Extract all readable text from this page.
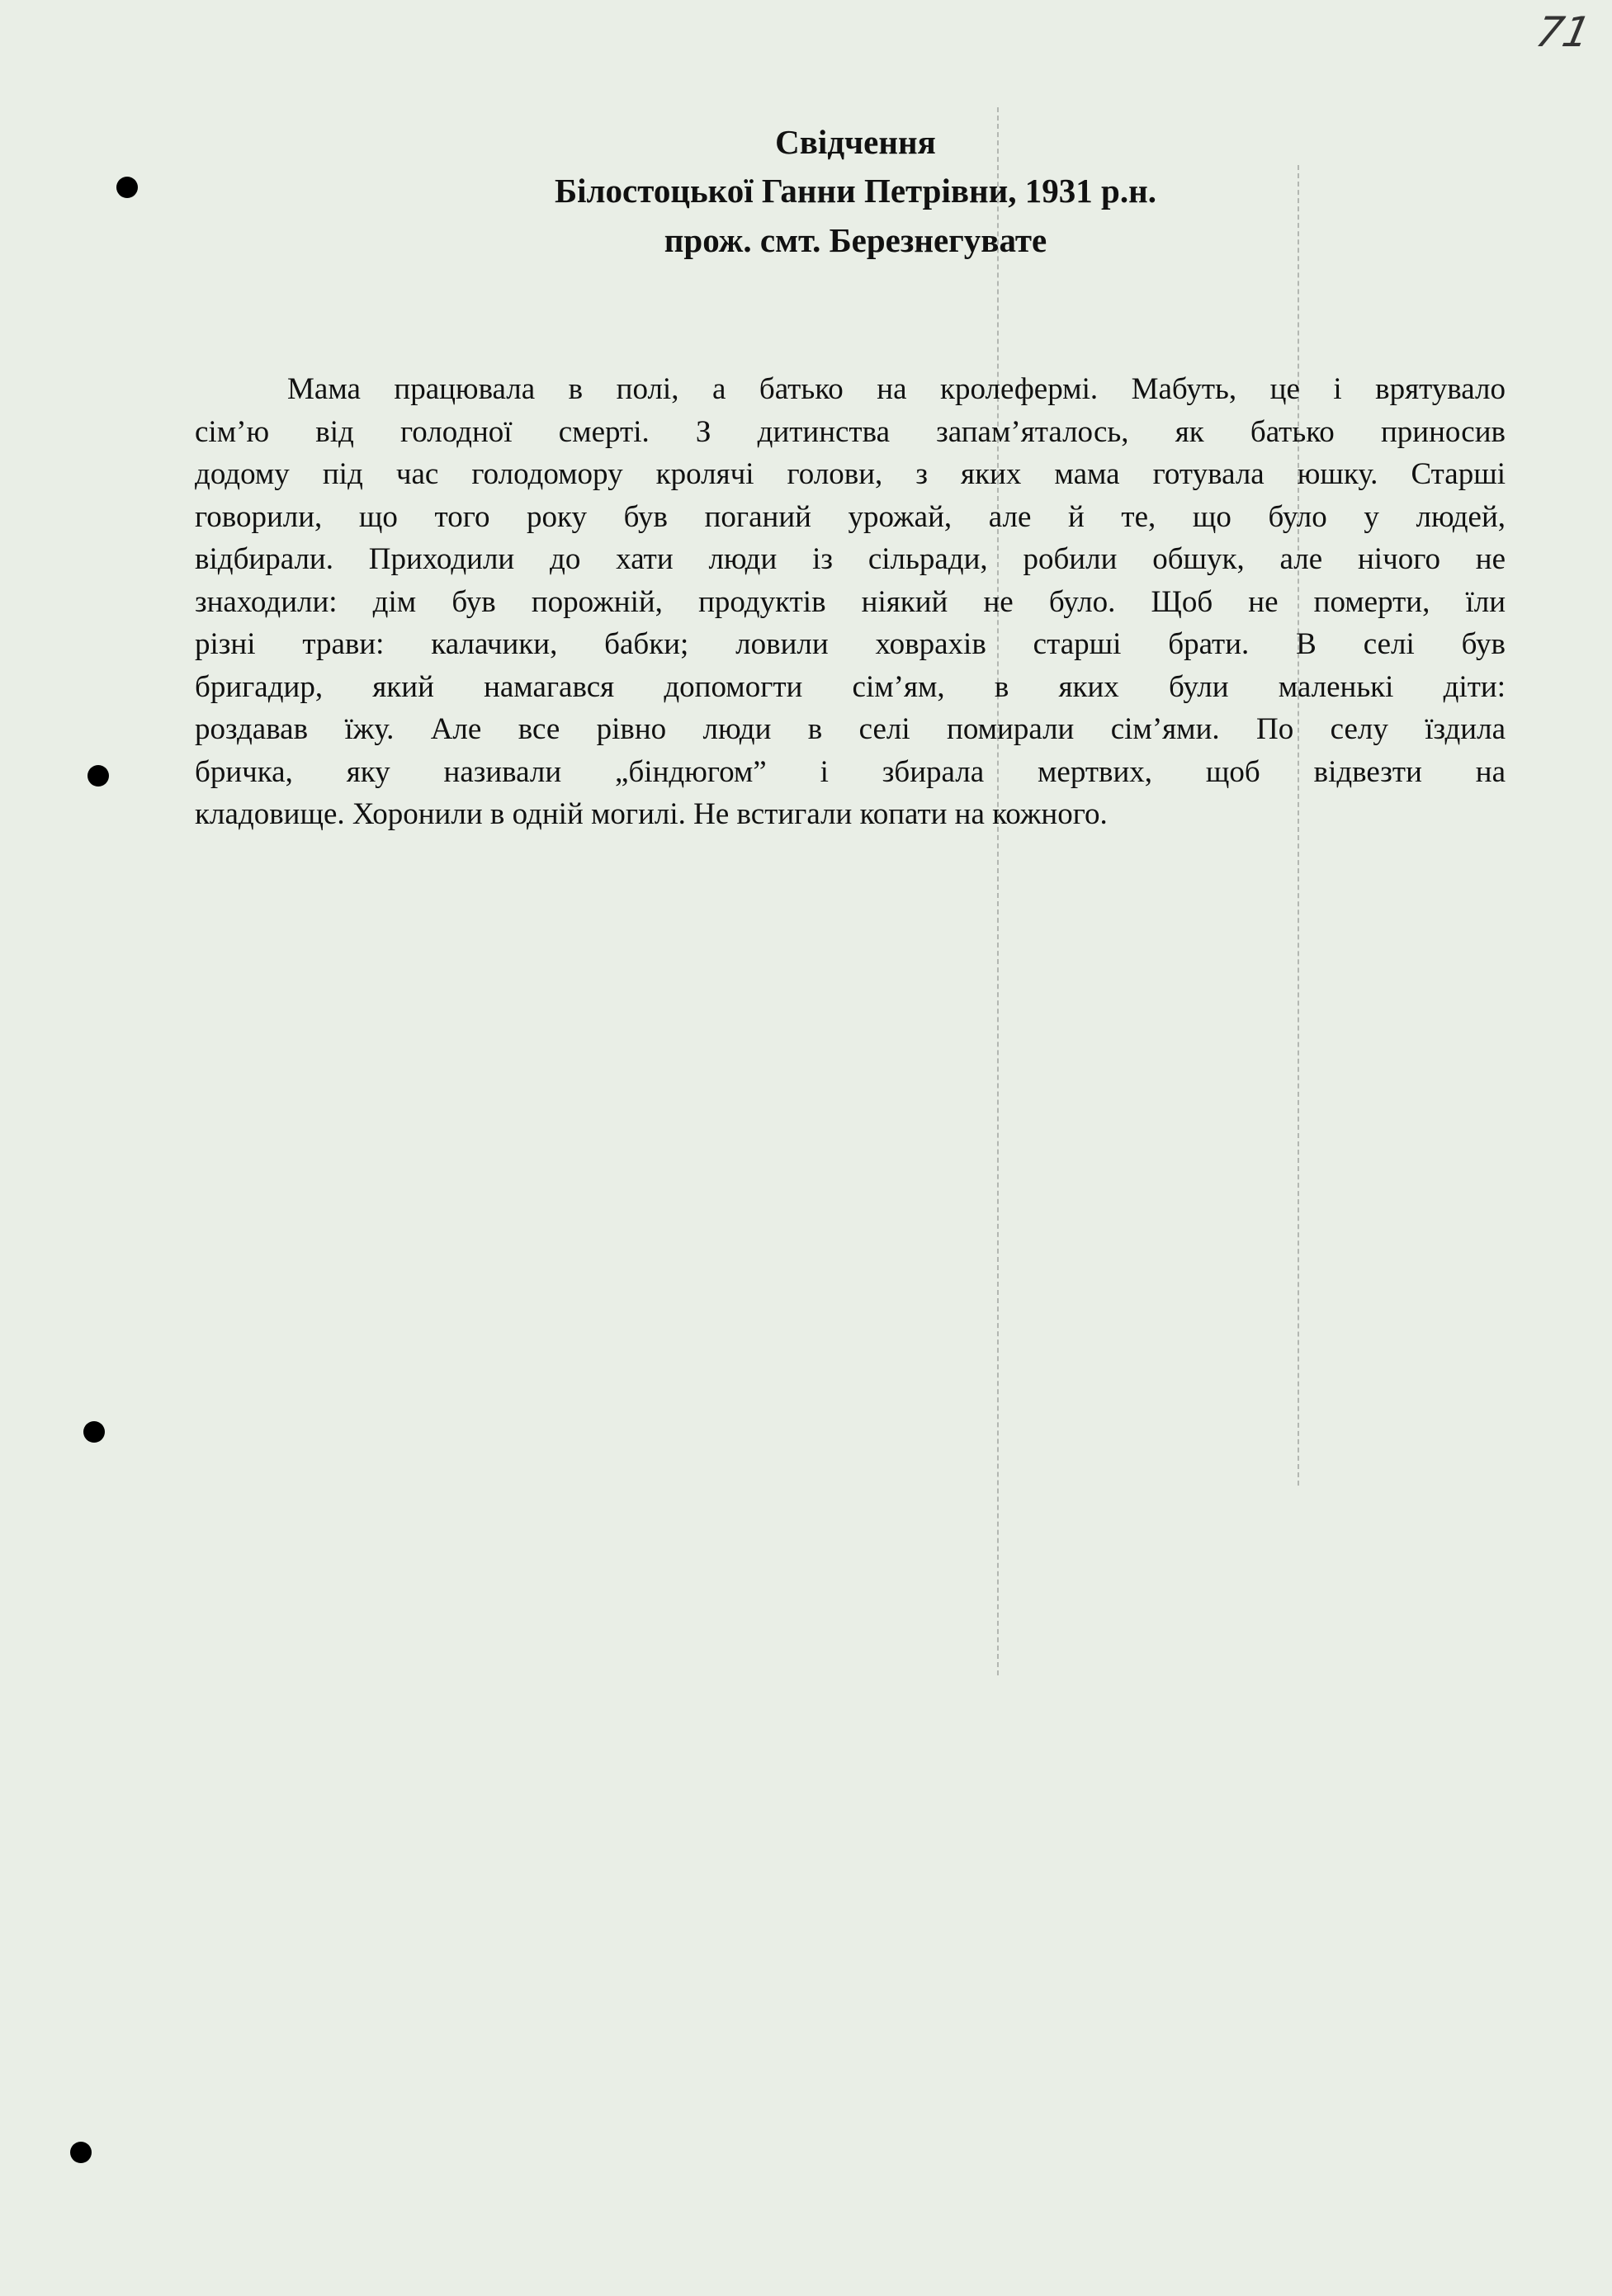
71
Свідчення
Білостоцької Ганни Петрівни, 1931 р.н.
прож. смт. Березнегувате
Мама працювала в полі, а батько на кролефермі. Мабуть, це і врятувало
сім’ю від голодної смерті. З дитинства запам’яталось, як батько приносив
додому під час голодомору кролячі голови, з яких мама готувала юшку. Старші
говорили, що того року був поганий урожай, але й те, що було у людей,
відбирали. Приходили до хати люди із сільради, робили обшук, але нічого не
знаходили: дім був порожній, продуктів ніякий не було. Щоб не померти, їли
різні трави: калачики, бабки; ловили ховрахів старші брати. В селі був
бригадир, який намагався допомогти сім’ям, в яких були маленькі діти:
роздавав їжу. Але все рівно люди в селі помирали сім’ями. По селу їздила
бричка, яку називали „біндюгом” і збирала мертвих, щоб відвезти на
кладовище. Хоронили в одній могилі. Не встигали копати на кожного.
